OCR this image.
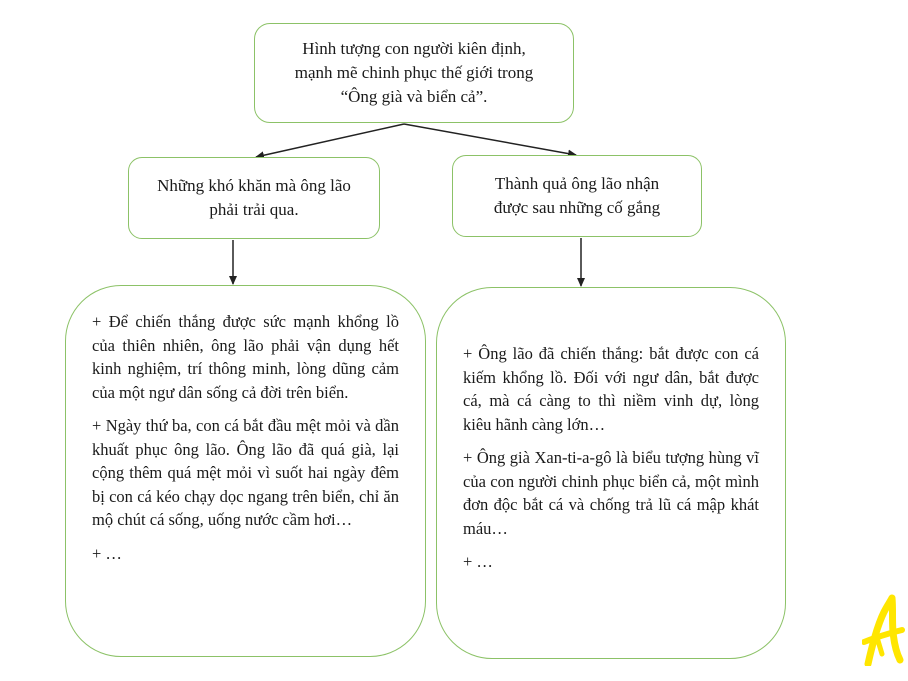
Hình tượng con người kiên định,
mạnh mẽ chinh phục thế giới trong
“Ông già và biển cả”.
Những khó khăn mà ông lão
phải trải qua.
Thành quả ông lão nhận
được sau những cố gắng

+ Để chiến thắng được sức mạnh khổng lồ của thiên nhiên, ông lão phải vận dụng hết kinh nghiệm, trí thông minh, lòng dũng cảm của một ngư dân sống cả đời trên biển.

+ Ngày thứ ba, con cá bắt đầu mệt mỏi và dần khuất phục ông lão. Ông lão đã quá già, lại cộng thêm quá mệt mỏi vì suốt hai ngày đêm bị con cá kéo chạy dọc ngang trên biển, chỉ ăn mộ chút cá sống, uống nước cầm hơi…

+ …

+ Ông lão đã chiến thắng: bắt được con cá kiếm khổng lồ. Đối với ngư dân, bắt được cá, mà cá càng to thì niềm vinh dự, lòng kiêu hãnh càng lớn…

+ Ông già Xan-ti-a-gô là biểu tượng hùng vĩ của con người chinh phục biển cả, một mình đơn độc bắt cá và chống trả lũ cá mập khát máu…

+ …
